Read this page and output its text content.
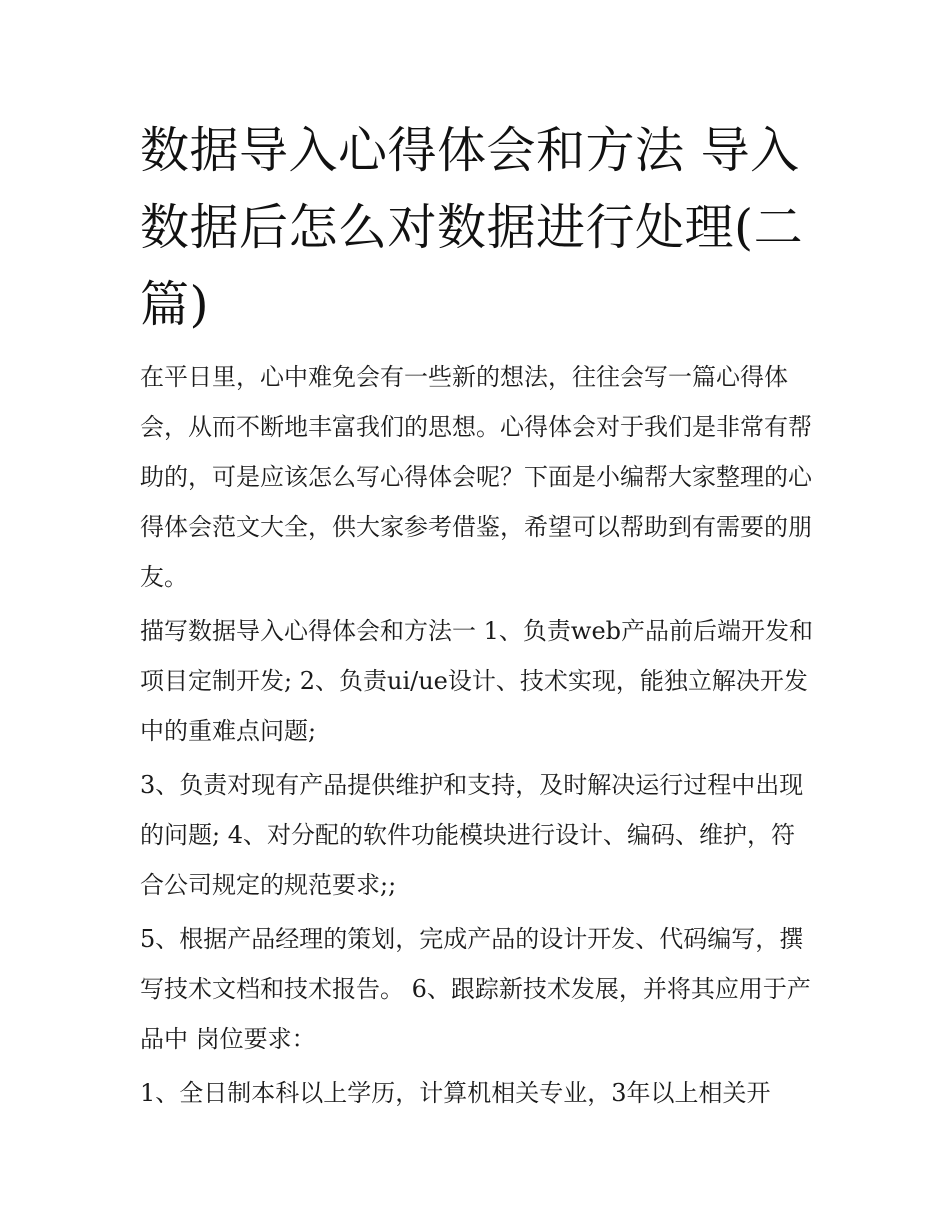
数据导入心得体会和方法 导入数据后怎么对数据进行处理(二篇)

在平日里，心中难免会有一些新的想法，往往会写一篇心得体会，从而不断地丰富我们的思想。心得体会对于我们是非常有帮助的，可是应该怎么写心得体会呢？下面是小编帮大家整理的心得体会范文大全，供大家参考借鉴，希望可以帮助到有需要的朋友。

描写数据导入心得体会和方法一 1、负责web产品前后端开发和项目定制开发; 2、负责ui/ue设计、技术实现，能独立解决开发中的重难点问题;

3、负责对现有产品提供维护和支持，及时解决运行过程中出现的问题; 4、对分配的软件功能模块进行设计、编码、维护，符合公司规定的规范要求;;

5、根据产品经理的策划，完成产品的设计开发、代码编写，撰写技术文档和技术报告。 6、跟踪新技术发展，并将其应用于产品中 岗位要求：

1、全日制本科以上学历，计算机相关专业，3年以上相关开
